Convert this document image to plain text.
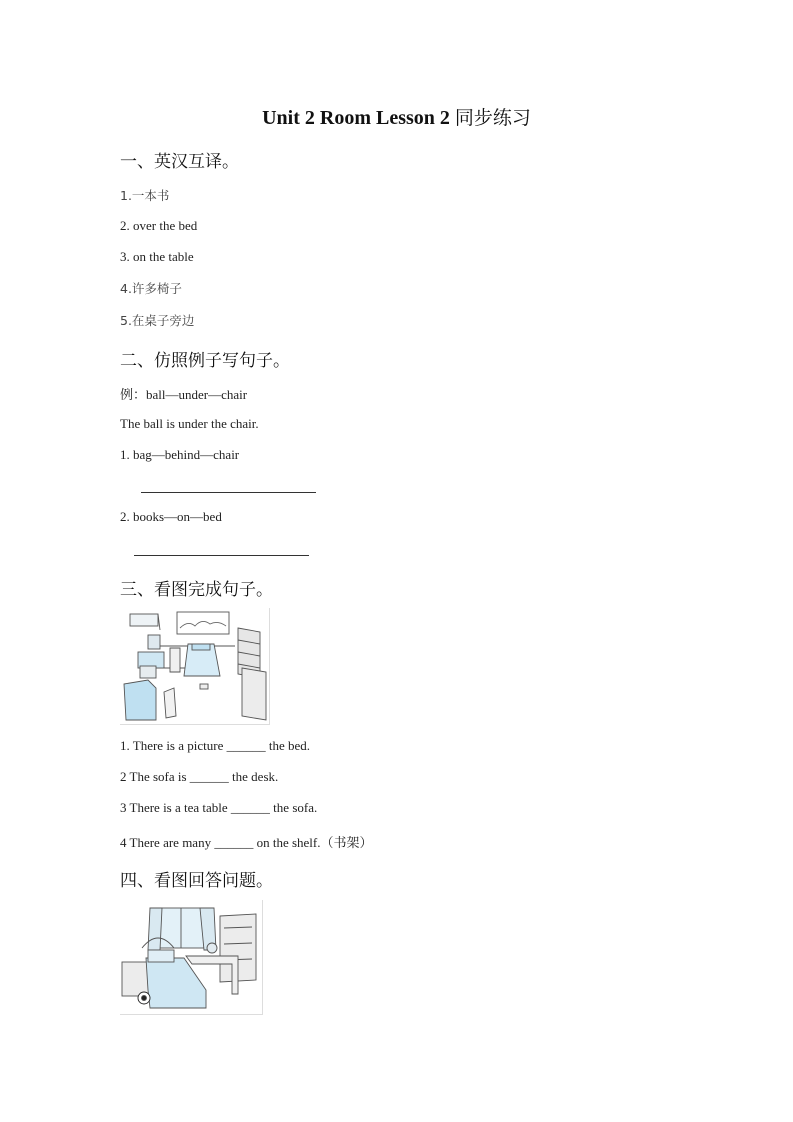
Unit 2 Room Lesson 2 同步练习
一、英汉互译。
1.一本书
2. over the bed
3. on the table
4.许多椅子
5.在桌子旁边
二、仿照例子写句子。
例：ball—under—chair
The ball is under the chair.
1. bag—behind—chair
2. books—on—bed
三、看图完成句子。
1. There is a picture ______ the bed.
2 The sofa is ______ the desk.
3 There is a tea table ______ the sofa.
4 There are many ______ on the shelf.（书架）
四、看图回答问题。
